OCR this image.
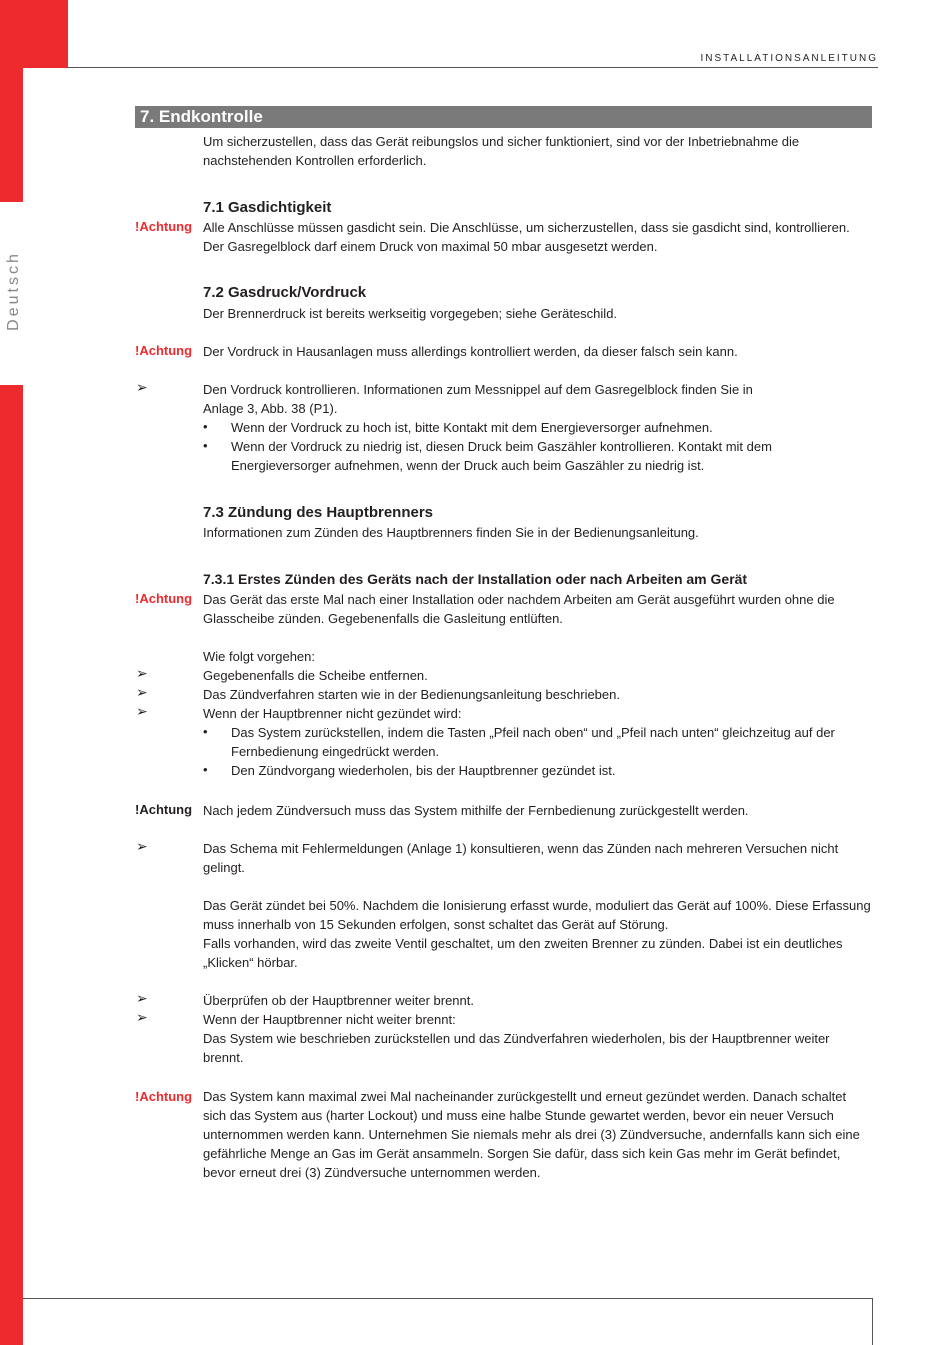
Deutsch
INSTALLATIONSANLEITUNG
7. Endkontrolle
Um sicherzustellen, dass das Gerät reibungslos und sicher funktioniert, sind vor der Inbetriebnahme die
nachstehenden Kontrollen erforderlich.
7.1 Gasdichtigkeit
!Achtung Alle Anschlüsse müssen gasdicht sein. Die Anschlüsse, um sicherzustellen, dass sie gasdicht sind, kontrollieren.
Der Gasregelblock darf einem Druck von maximal 50 mbar ausgesetzt werden.
7.2 Gasdruck/Vordruck
Der Brennerdruck ist bereits werkseitig vorgegeben; siehe Geräteschild.
!Achtung Der Vordruck in Hausanlagen muss allerdings kontrolliert werden, da dieser falsch sein kann.
➢	Den Vordruck kontrollieren. Informationen zum Messnippel auf dem Gasregelblock finden Sie in
Anlage 3, Abb. 38 (P1).
• Wenn der Vordruck zu hoch ist, bitte Kontakt mit dem Energieversorger aufnehmen.
• Wenn der Vordruck zu niedrig ist, diesen Druck beim Gaszähler kontrollieren. Kontakt mit dem
Energieversorger aufnehmen, wenn der Druck auch beim Gaszähler zu niedrig ist.
7.3 Zündung des Hauptbrenners
Informationen zum Zünden des Hauptbrenners finden Sie in der Bedienungsanleitung.
7.3.1 Erstes Zünden des Geräts nach der Installation oder nach Arbeiten am Gerät
!Achtung Das Gerät das erste Mal nach einer Installation oder nachdem Arbeiten am Gerät ausgeführt wurden ohne die
Glasscheibe zünden. Gegebenenfalls die Gasleitung entlüften.
Wie folgt vorgehen:
➢	Gegebenenfalls die Scheibe entfernen.
➢	Das Zündverfahren starten wie in der Bedienungsanleitung beschrieben.
➢	Wenn der Hauptbrenner nicht gezündet wird:
• Das System zurückstellen, indem die Tasten „Pfeil nach oben“ und „Pfeil nach unten“ gleichzeitug auf der
Fernbedienung eingedrückt werden.
• Den Zündvorgang wiederholen, bis der Hauptbrenner gezündet ist.
!Achtung Nach jedem Zündversuch muss das System mithilfe der Fernbedienung zurückgestellt werden.
➢	Das Schema mit Fehlermeldungen (Anlage 1) konsultieren, wenn das Zünden nach mehreren Versuchen nicht
gelingt.
Das Gerät zündet bei 50%. Nachdem die Ionisierung erfasst wurde, moduliert das Gerät auf 100%. Diese Erfassung
muss innerhalb von 15 Sekunden erfolgen, sonst schaltet das Gerät auf Störung.
Falls vorhanden, wird das zweite Ventil geschaltet, um den zweiten Brenner zu zünden. Dabei ist ein deutliches
„Klicken“ hörbar.
➢	Überprüfen ob der Hauptbrenner weiter brennt.
➢	Wenn der Hauptbrenner nicht weiter brennt:
Das System wie beschrieben zurückstellen und das Zündverfahren wiederholen, bis der Hauptbrenner weiter
brennt.
!Achtung Das System kann maximal zwei Mal nacheinander zurückgestellt und erneut gezündet werden. Danach schaltet
sich das System aus (harter Lockout) und muss eine halbe Stunde gewartet werden, bevor ein neuer Versuch
unternommen werden kann. Unternehmen Sie niemals mehr als drei (3) Zündversuche, andernfalls kann sich eine
gefährliche Menge an Gas im Gerät ansammeln. Sorgen Sie dafür, dass sich kein Gas mehr im Gerät befindet,
bevor erneut drei (3) Zündversuche unternommen werden.
18
